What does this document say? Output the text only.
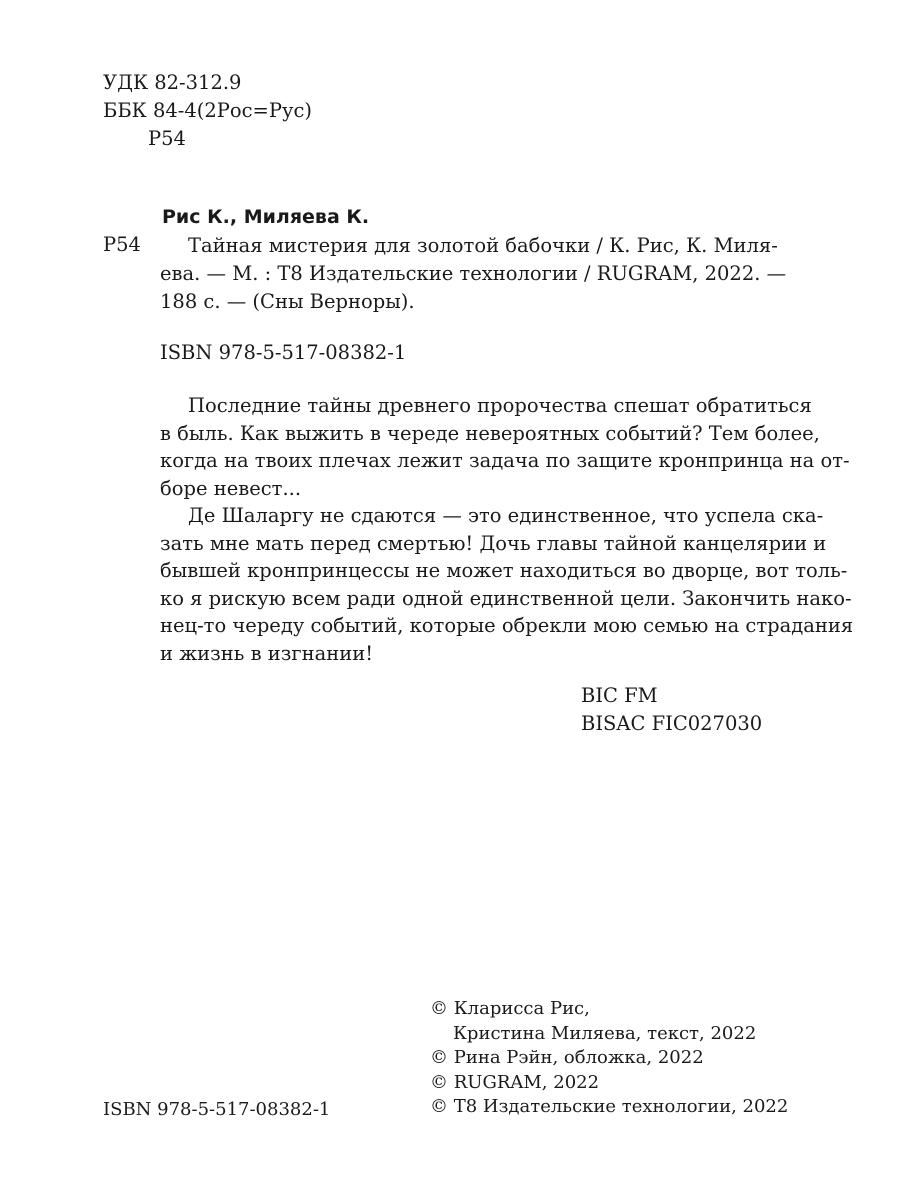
УДК 82-312.9
ББК 84-4(2Рос=Рус)
Р54
Рис К., Миляева К.
Р54	Тайная мистерия для золотой бабочки / К. Рис, К. Миля-
ева. — М. : Т8 Издательские технологии / RUGRAM, 2022. —
188 с. — (Сны Верноры).
ISBN 978-5-517-08382-1
Последние тайны древнего пророчества спешат обратиться
в быль. Как выжить в череде невероятных событий? Тем более,
когда на твоих плечах лежит задача по защите кронпринца на от-
боре невест...
Де Шаларгу не сдаются — это единственное, что успела ска-
зать мне мать перед смертью! Дочь главы тайной канцелярии и
бывшей кронпринцессы не может находиться во дворце, вот толь-
ко я рискую всем ради одной единственной цели. Закончить нако-
нец-то череду событий, которые обрекли мою семью на страдания
и жизнь в изгнании!
BIC FM
BISAC FIC027030
© Кларисса Рис,
Кристина Миляева, текст, 2022
© Рина Рэйн, обложка, 2022
© RUGRAM, 2022
© Т8 Издательские технологии, 2022
ISBN 978-5-517-08382-1
